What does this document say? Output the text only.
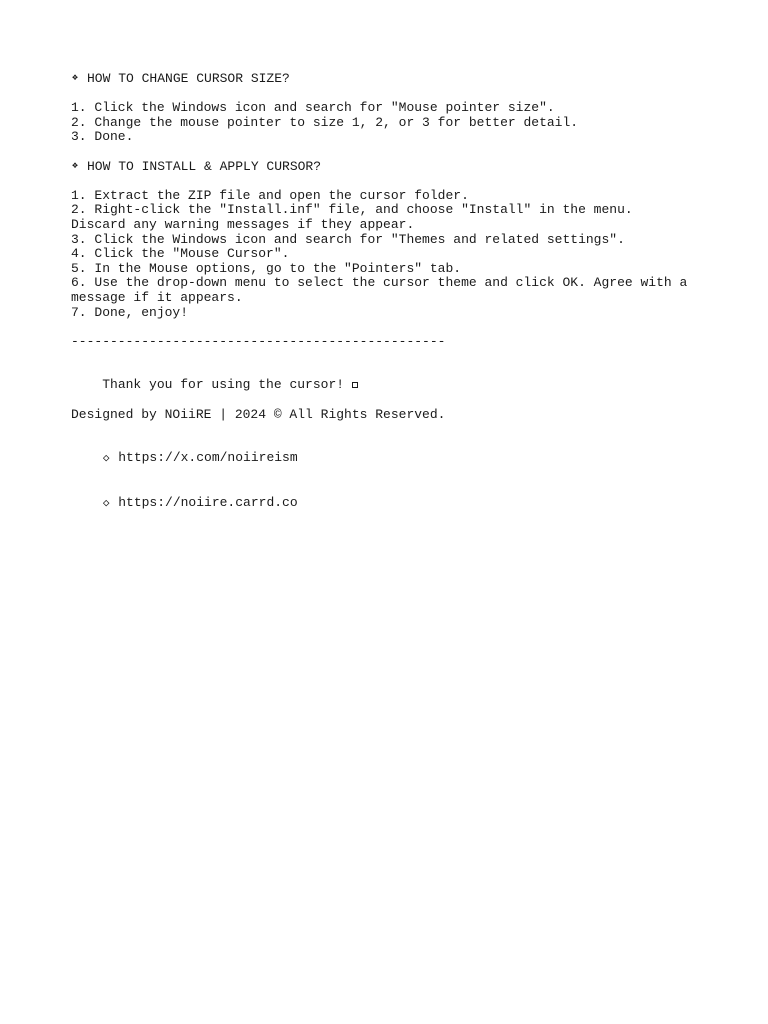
❖ HOW TO CHANGE CURSOR SIZE?
1. Click the Windows icon and search for "Mouse pointer size".
2. Change the mouse pointer to size 1, 2, or 3 for better detail.
3. Done.
❖ HOW TO INSTALL & APPLY CURSOR?
1. Extract the ZIP file and open the cursor folder.
2. Right-click the "Install.inf" file, and choose "Install" in the menu. Discard any warning messages if they appear.
3. Click the Windows icon and search for "Themes and related settings".
4. Click the "Mouse Cursor".
5. In the Mouse options, go to the "Pointers" tab.
6. Use the drop-down menu to select the cursor theme and click OK. Agree with a message if it appears.
7. Done, enjoy!
------------------------------------------------

Thank you for using the cursor!

Designed by NOiiRE | 2024 © All Rights Reserved.

◇ https://x.com/noiireism

◇ https://noiire.carrd.co
